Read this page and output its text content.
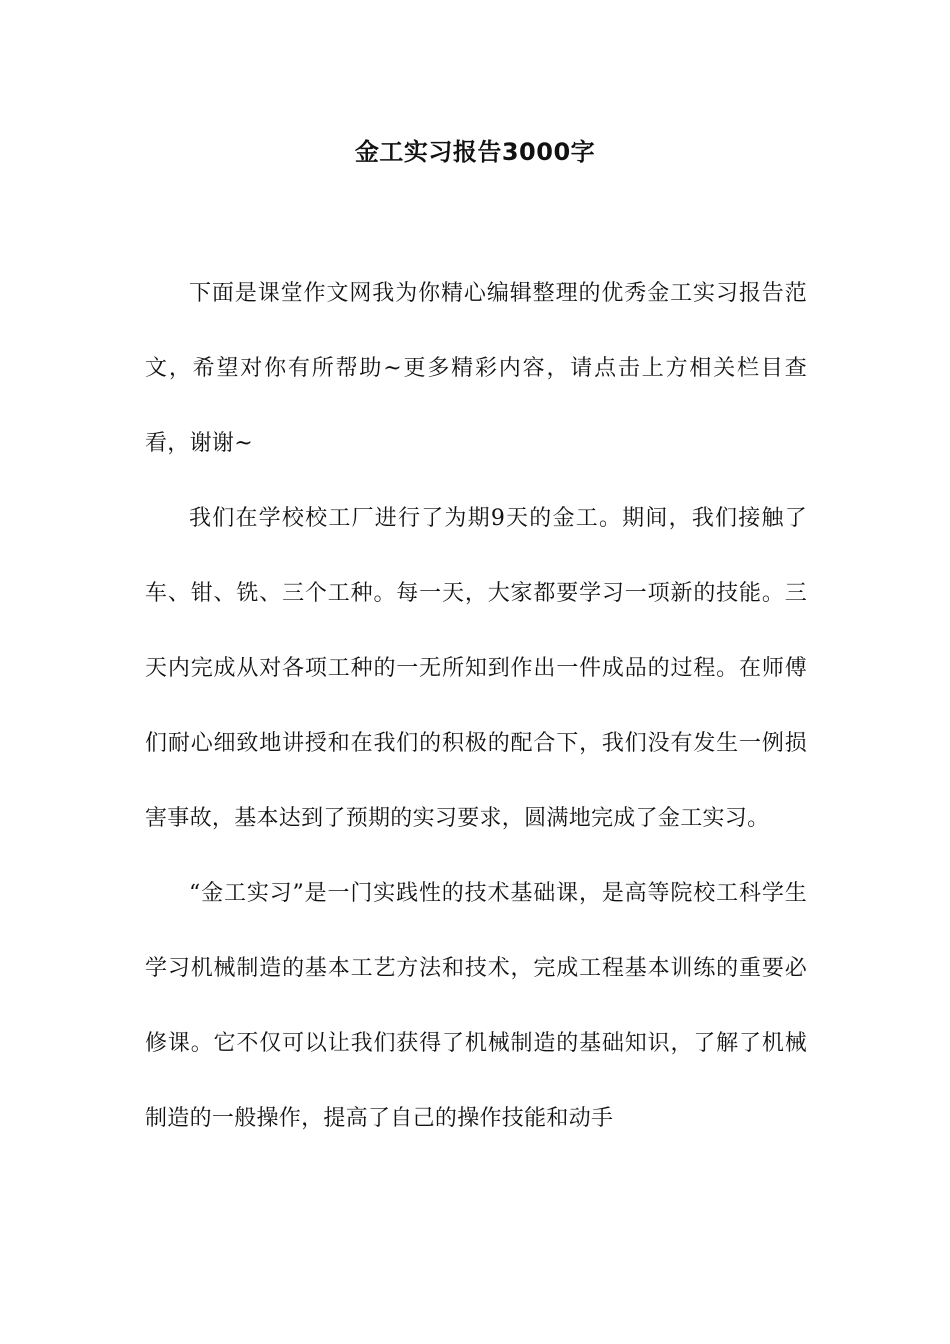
金工实习报告3000字

下面是课堂作文网我为你精心编辑整理的优秀金工实习报告范文，希望对你有所帮助~更多精彩内容，请点击上方相关栏目查看，谢谢~

我们在学校校工厂进行了为期9天的金工。期间，我们接触了车、钳、铣、三个工种。每一天，大家都要学习一项新的技能。三天内完成从对各项工种的一无所知到作出一件成品的过程。在师傅们耐心细致地讲授和在我们的积极的配合下，我们没有发生一例损害事故，基本达到了预期的实习要求，圆满地完成了金工实习。

“金工实习”是一门实践性的技术基础课，是高等院校工科学生学习机械制造的基本工艺方法和技术，完成工程基本训练的重要必修课。它不仅可以让我们获得了机械制造的基础知识，了解了机械制造的一般操作，提高了自己的操作技能和动手
